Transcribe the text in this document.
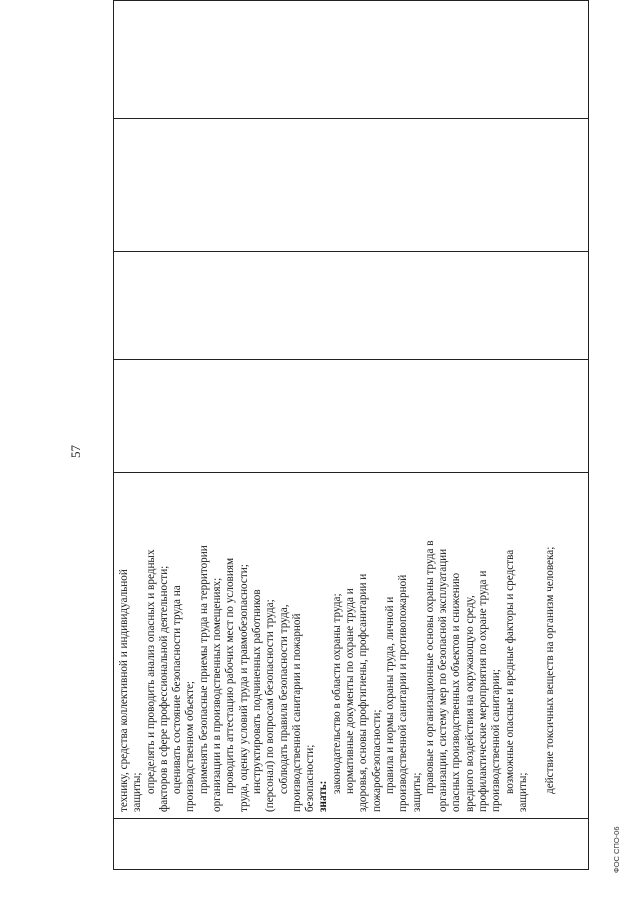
57
технику, средства коллективной и индивидуальной защиты; определять и проводить анализ опасных и вредных факторов в сфере профессиональной деятельности; оценивать состояние безопасности труда на производственном объекте; применять безопасные приемы труда на территории организации и в производственных помещениях; проводить аттестацию рабочих мест по условиям труда, оценку условий труда и травмобезопасности; инструктировать подчиненных работников (персонал) по вопросам безопасности труда; соблюдать правила безопасности труда, производственной санитарии и пожарной безопасности; знать:
законодательство в области охраны труда; нормативные документы по охране труда и здоровья, основы профгигиены, профсанитарии и пожаробезопасности; правила и нормы охраны труда, личной и производственной санитарии и противопожарной защиты; правовые и организационные основы охраны труда в организации, систему мер по безопасной эксплуатации опасных производственных объектов и снижению вредного воздействия на окружающую среду, профилактические мероприятия по охране труда и производственной санитарии; возможные опасные и вредные факторы и средства защиты;
действие токсичных веществ на организм человека;
ФОС СПО-06
